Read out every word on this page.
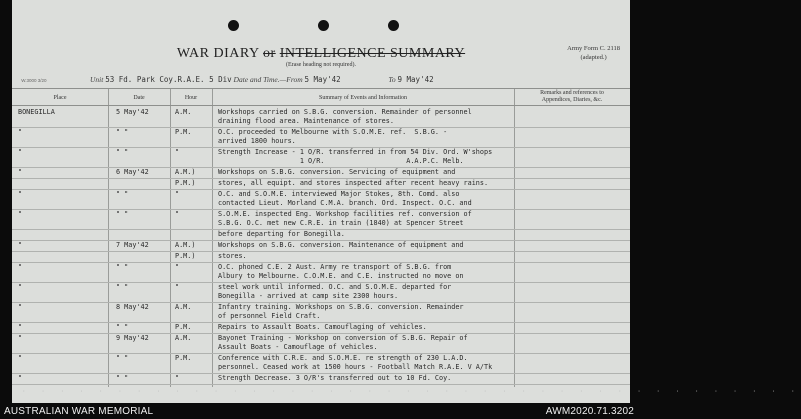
Army Form C. 2118
(adapted.)
WAR DIARY or INTELLIGENCE SUMMARY
(Erase heading not required).
W.3000 3/20	Unit 53 Fd. Park Coy.R.A.E. 5 Div Date and Time.—From 5 May'42	To 9 May'42
Place	Date	Hour	Summary of Events and Information
Remarks and references to
Appendices, Diaries, &c.
BONEGILLA	5 May'42	A.M.	Workshops carried on S.B.G. conversion. Remainder of personnel
draining flood area. Maintenance of stores.
"	" "	P.M.	O.C. proceeded to Melbourne with S.O.M.E. ref.  S.B.G. -
arrived 1800 hours.
"	" "	"	Strength Increase - 1 O/R. transferred in from 54 Div. Ord. W'shops
1 O/R.                    A.A.P.C. Melb.
"	6 May'42	A.M.)	Workshops on S.B.G. conversion. Servicing of equipment and
P.M.)	stores, all equipt. and stores inspected after recent heavy rains.
"	" "	"	O.C. and S.O.M.E. interviewed Major Stokes, 8th. Comd. also
contacted Lieut. Morland C.M.A. branch. Ord. Inspect. O.C. and
"	" "	"	S.O.M.E. inspected Eng. Workshop facilities ref. conversion of
S.B.G. O.C. met new C.R.E. in train (1840) at Spencer Street
before departing for Bonegilla.
"	7 May'42	A.M.)	Workshops on S.B.G. conversion. Maintenance of equipment and
P.M.)	stores.
"	" "	"	O.C. phoned C.E. 2 Aust. Army re transport of S.B.G. from
Albury to Melbourne. C.O.M.E. and C.E. instructed no move on
"	" "	"	steel work until informed. O.C. and S.O.M.E. departed for
Bonegilla - arrived at camp site 2300 hours.
"	8 May'42	A.M.	Infantry training. Workshops on S.B.G. conversion. Remainder
of personnel Field Craft.
"	" "	P.M.	Repairs to Assault Boats. Camouflaging of vehicles.
"	9 May'42	A.M.	Bayonet Training - Workshop on conversion of S.B.G. Repair of
Assault Boats - Camouflage of vehicles.
"	" "	P.M.	Conference with C.R.E. and S.O.M.E. re strength of 230 L.A.D.
personnel. Ceased work at 1500 hours - Football Match R.A.E. V A/Tk
"	" "	"	Strength Decrease. 3 O/R's transferred out to 10 Fd. Coy.
· · · · · · · · · · · · · · · · · · · · · · · · · · · · · · · · · · · · · · · · ·
AUSTRALIAN WAR MEMORIAL	AWM2020.71.3202
